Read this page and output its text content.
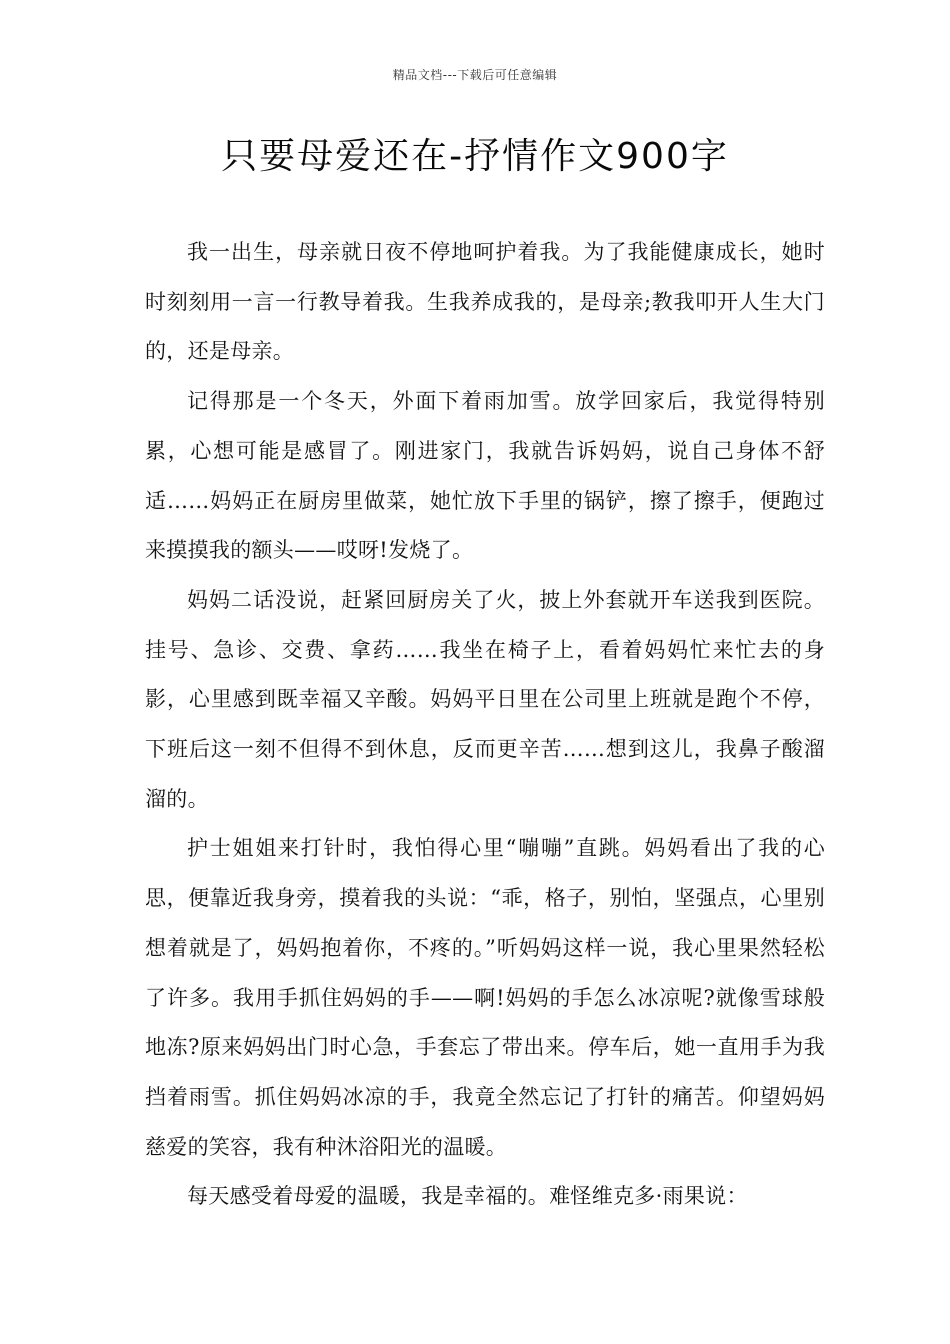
精品文档---下载后可任意编辑
只要母爱还在-抒情作文900字

我一出生，母亲就日夜不停地呵护着我。为了我能健康成长，她时时刻刻用一言一行教导着我。生我养成我的，是母亲;教我叩开人生大门的，还是母亲。

记得那是一个冬天，外面下着雨加雪。放学回家后，我觉得特别累，心想可能是感冒了。刚进家门，我就告诉妈妈，说自己身体不舒适……妈妈正在厨房里做菜，她忙放下手里的锅铲，擦了擦手，便跑过来摸摸我的额头——哎呀!发烧了。

妈妈二话没说，赶紧回厨房关了火，披上外套就开车送我到医院。挂号、急诊、交费、拿药……我坐在椅子上，看着妈妈忙来忙去的身影，心里感到既幸福又辛酸。妈妈平日里在公司里上班就是跑个不停，下班后这一刻不但得不到休息，反而更辛苦……想到这儿，我鼻子酸溜溜的。

护士姐姐来打针时，我怕得心里“嘣嘣”直跳。妈妈看出了我的心思，便靠近我身旁，摸着我的头说：“乖，格子，别怕，坚强点，心里别想着就是了，妈妈抱着你，不疼的。”听妈妈这样一说，我心里果然轻松了许多。我用手抓住妈妈的手——啊!妈妈的手怎么冰凉呢?就像雪球般地冻?原来妈妈出门时心急，手套忘了带出来。停车后，她一直用手为我挡着雨雪。抓住妈妈冰凉的手，我竟全然忘记了打针的痛苦。仰望妈妈慈爱的笑容，我有种沐浴阳光的温暖。

每天感受着母爱的温暖，我是幸福的。难怪维克多·雨果说：
